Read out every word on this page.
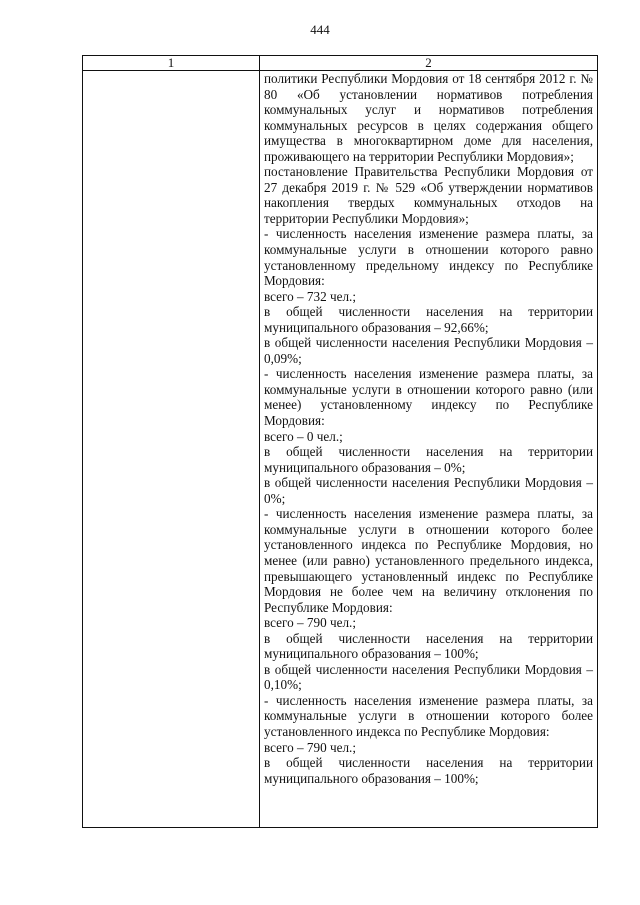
444
1	2

политики Республики Мордовия от 18 сентября 2012 г. № 80 «Об установлении нормативов потребления коммунальных услуг и нормативов потребления коммунальных ресурсов в целях содержания общего имущества в многоквартирном доме для населения, проживающего на территории Республики Мордовия»;

постановление Правительства Республики Мордовия от 27 декабря 2019 г. № 529 «Об утверждении нормативов накопления твердых коммунальных отходов на территории Республики Мордовия»;

- численность населения изменение размера платы, за коммунальные услуги в отношении которого равно установленному предельному индексу по Республике Мордовия:

всего – 732 чел.;

в общей численности населения на территории муниципального образования – 92,66%;

в общей численности населения Республики Мордовия – 0,09%;

- численность населения изменение размера платы, за коммунальные услуги в отношении которого равно (или менее) установленному индексу по Республике Мордовия:

всего – 0 чел.;

в общей численности населения на территории муниципального образования – 0%;

в общей численности населения Республики Мордовия – 0%;

- численность населения изменение размера платы, за коммунальные услуги в отношении которого более установленного индекса по Республике Мордовия, но менее (или равно) установленного предельного индекса, превышающего установленный индекс по Республике Мордовия не более чем на величину отклонения по Республике Мордовия:

всего – 790 чел.;

в общей численности населения на территории муниципального образования – 100%;

в общей численности населения Республики Мордовия – 0,10%;

- численность населения изменение размера платы, за коммунальные услуги в отношении которого более установленного индекса по Республике Мордовия:

всего – 790 чел.;

в общей численности населения на территории муниципального образования – 100%;
